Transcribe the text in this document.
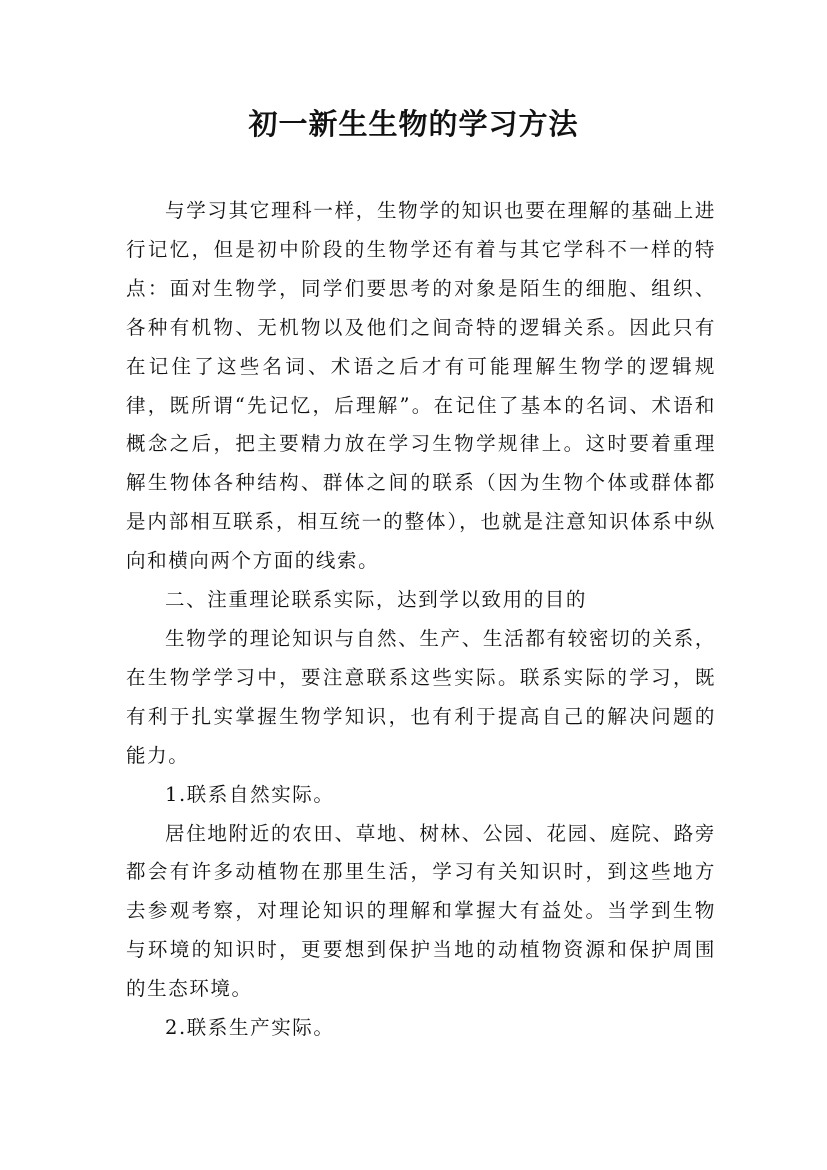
初一新生生物的学习方法

与学习其它理科一样，生物学的知识也要在理解的基础上进行记忆，但是初中阶段的生物学还有着与其它学科不一样的特点：面对生物学，同学们要思考的对象是陌生的细胞、组织、各种有机物、无机物以及他们之间奇特的逻辑关系。因此只有在记住了这些名词、术语之后才有可能理解生物学的逻辑规律，既所谓“先记忆，后理解”。在记住了基本的名词、术语和概念之后，把主要精力放在学习生物学规律上。这时要着重理解生物体各种结构、群体之间的联系（因为生物个体或群体都是内部相互联系，相互统一的整体），也就是注意知识体系中纵向和横向两个方面的线索。

二、注重理论联系实际，达到学以致用的目的

生物学的理论知识与自然、生产、生活都有较密切的关系，在生物学学习中，要注意联系这些实际。联系实际的学习，既有利于扎实掌握生物学知识，也有利于提高自己的解决问题的能力。

1.联系自然实际。

居住地附近的农田、草地、树林、公园、花园、庭院、路旁都会有许多动植物在那里生活，学习有关知识时，到这些地方去参观考察，对理论知识的理解和掌握大有益处。当学到生物与环境的知识时，更要想到保护当地的动植物资源和保护周围的生态环境。

2.联系生产实际。
